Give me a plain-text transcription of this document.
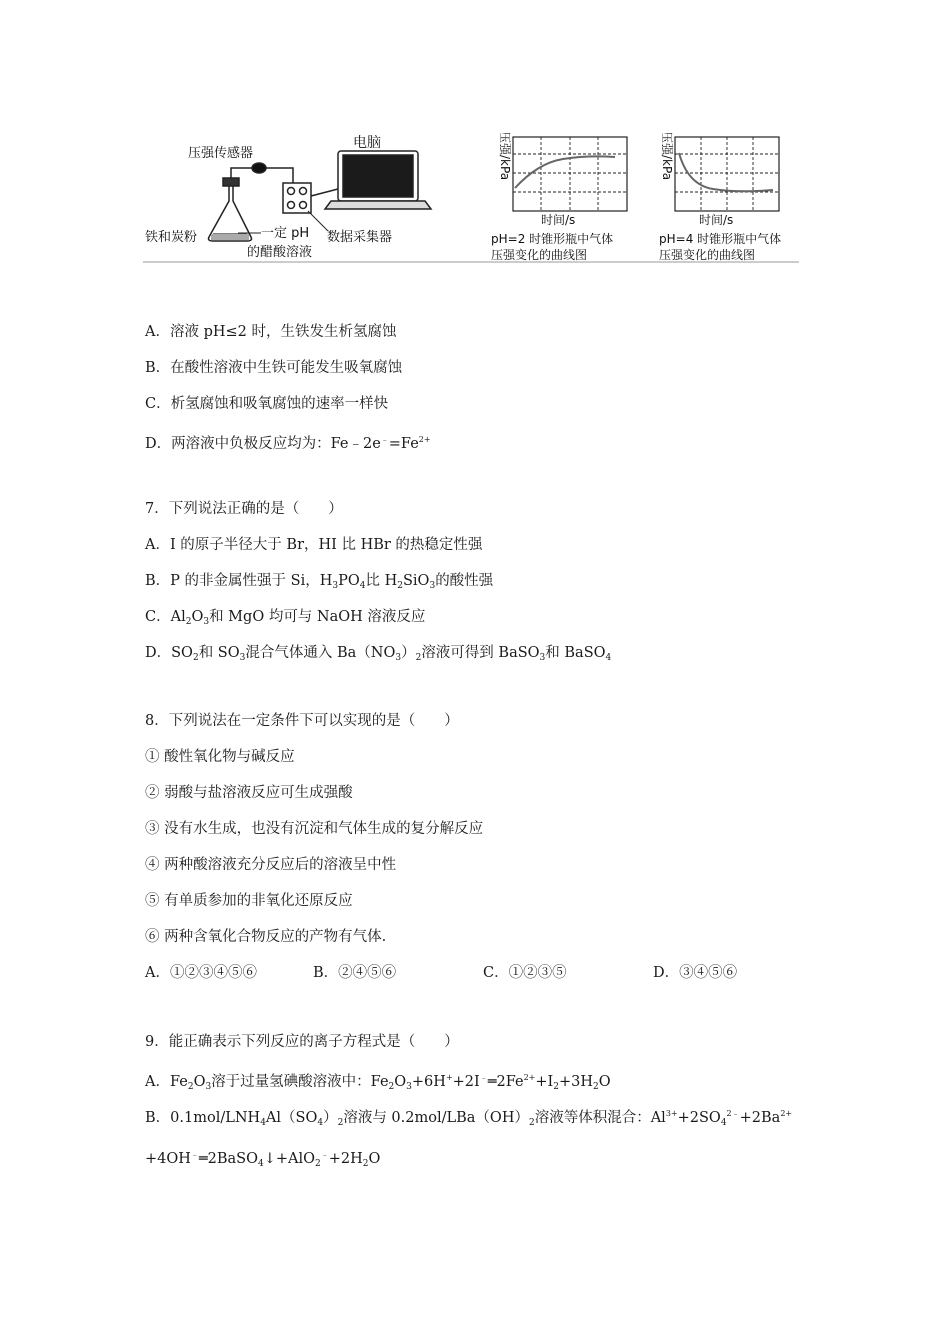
压强传感器
电脑
铁和炭粉	一定 pH
的醋酸溶液
数据采集器
压强/kPa
时间/s
pH=2 时锥形瓶中气体
压强变化的曲线图
压强/kPa
时间/s
pH=4 时锥形瓶中气体
压强变化的曲线图
A．溶液 pH≤2 时，生铁发生析氢腐蚀
B．在酸性溶液中生铁可能发生吸氧腐蚀
C．析氢腐蚀和吸氧腐蚀的速率一样快
D．两溶液中负极反应均为：$Fe﹣2e^﹣=Fe^{2+}$
7．下列说法正确的是（　　）
A．I 的原子半径大于 Br，HI 比 HBr 的热稳定性强
B．P 的非金属性强于 Si，$H_3PO_4$比 $H_2SiO_3$的酸性强
C．$Al_2O_3$和 MgO 均可与 NaOH 溶液反应
D．$SO_2$和 $SO_3$混合气体通入 $Ba(NO_3)_2$溶液可得到 BaSO$_3$和 BaSO$_4$
8．下列说法在一定条件下可以实现的是（　　）
① 酸性氧化物与碱反应
② 弱酸与盐溶液反应可生成强酸
③ 没有水生成，也没有沉淀和气体生成的复分解反应
④ 两种酸溶液充分反应后的溶液呈中性
⑤ 有单质参加的非氧化还原反应
⑥ 两种含氧化合物反应的产物有气体.
A．①②③④⑤⑥	B．②④⑤⑥	C．①②③⑤	D．③④⑤⑥
9．能正确表示下列反应的离子方程式是（　　）
A．$Fe_2O_3$溶于过量氢碘酸溶液中：$Fe_2O_3+6H^++2I^﹣═2Fe^{2+}+I_2+3H_2O$
B．$0.1mol/LNH_4Al(SO_4)_2$溶液与 $0.2mol/LBa(OH)_2$溶液等体积混合：$Al^{3+}+2SO_4^{2﹣}+2Ba^{2+}$
$+4OH^﹣═2BaSO_4↓+AlO_2^﹣+2H_2O$
